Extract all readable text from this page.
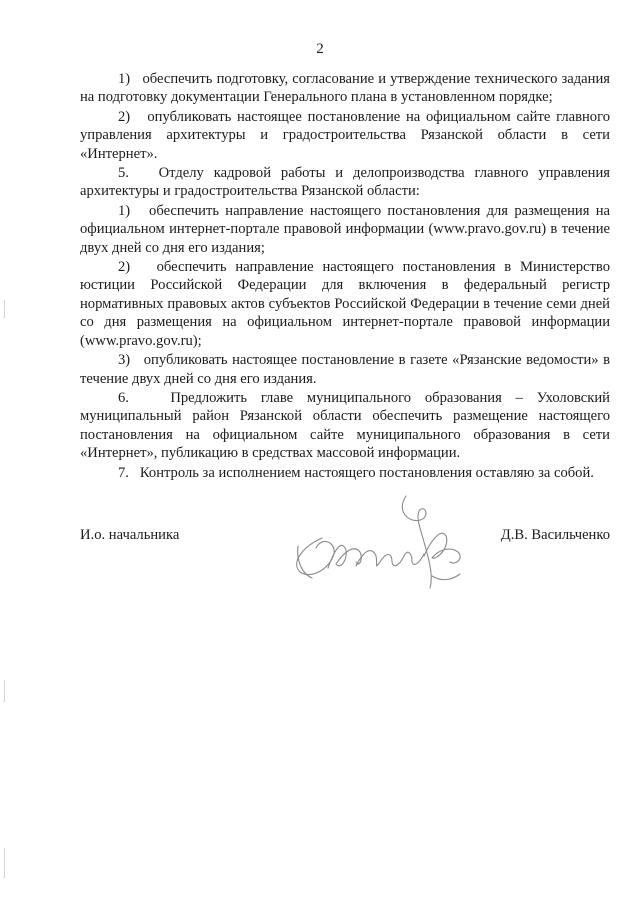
2

1)   обеспечить подготовку, согласование и утверждение технического задания на подготовку документации Генерального плана в установленном порядке;

2)   опубликовать настоящее постановление на официальном сайте главного управления архитектуры и градостроительства Рязанской области в сети «Интернет».

5.   Отделу кадровой работы и делопроизводства главного управления архитектуры и градостроительства Рязанской области:

1)   обеспечить направление настоящего постановления для размещения на официальном интернет-портале правовой информации (www.pravo.gov.ru) в течение двух дней со дня его издания;

2)   обеспечить направление настоящего постановления в Министерство юстиции Российской Федерации для включения в федеральный регистр нормативных правовых актов субъектов Российской Федерации в течение семи дней со дня размещения на официальном интернет-портале правовой информации (www.pravo.gov.ru);

3)   опубликовать настоящее постановление в газете «Рязанские ведомости» в течение двух дней со дня его издания.

6.   Предложить главе муниципального образования – Ухоловский муниципальный район Рязанской области обеспечить размещение настоящего постановления на официальном сайте муниципального образования в сети «Интернет», публикацию в средствах массовой информации.

7.   Контроль за исполнением настоящего постановления оставляю за собой.

И.о. начальника	Д.В. Васильченко
